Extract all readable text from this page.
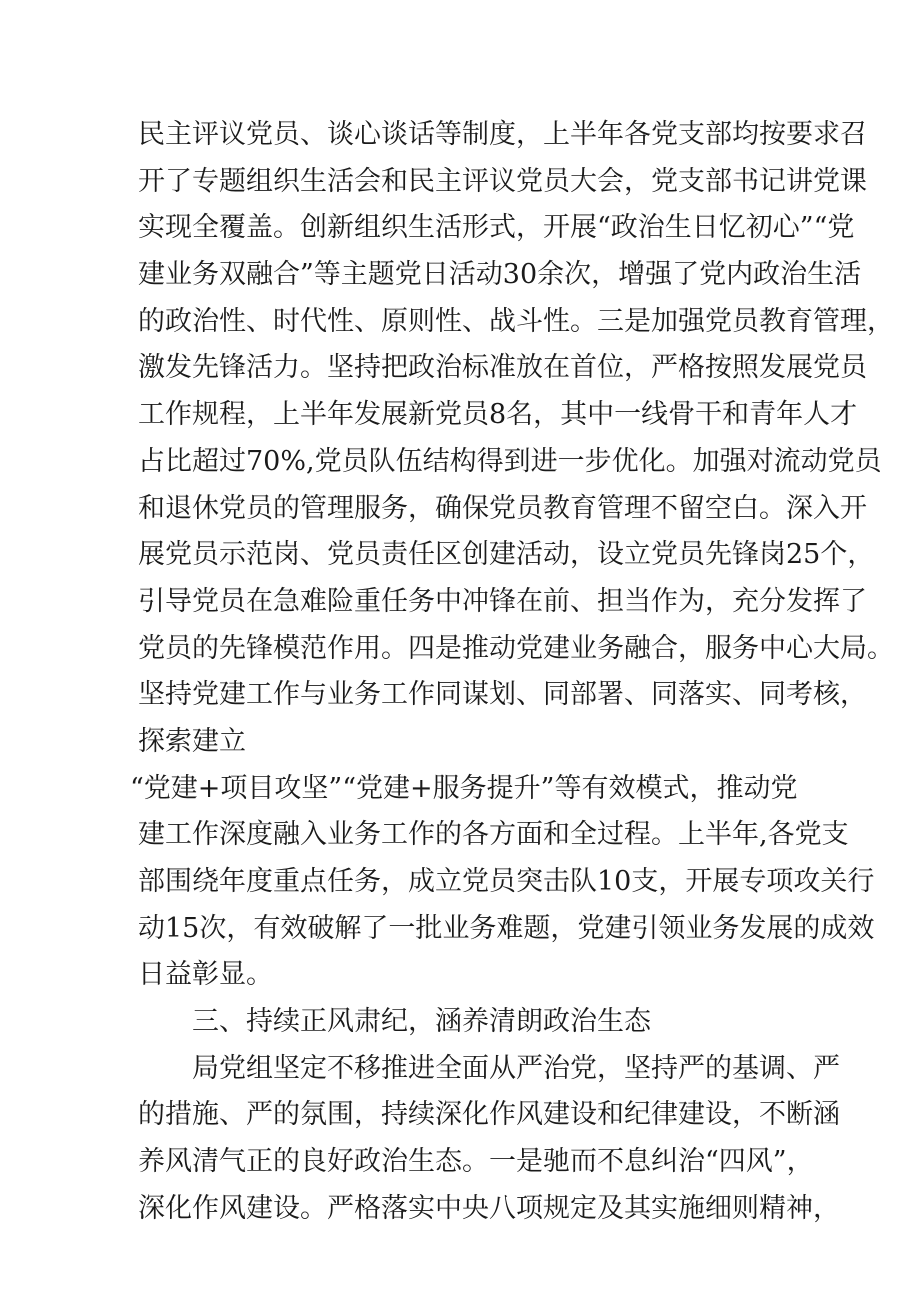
民主评议党员、谈心谈话等制度，上半年各党支部均按要求召
开了专题组织生活会和民主评议党员大会，党支部书记讲党课
实现全覆盖。创新组织生活形式，开展“政治生日忆初心”“党
建业务双融合”等主题党日活动30余次，增强了党内政治生活
的政治性、时代性、原则性、战斗性。三是加强党员教育管理，
激发先锋活力。坚持把政治标准放在首位，严格按照发展党员
工作规程，上半年发展新党员8名，其中一线骨干和青年人才
占比超过70%,党员队伍结构得到进一步优化。加强对流动党员
和退休党员的管理服务，确保党员教育管理不留空白。深入开
展党员示范岗、党员责任区创建活动，设立党员先锋岗25个，
引导党员在急难险重任务中冲锋在前、担当作为，充分发挥了
党员的先锋模范作用。四是推动党建业务融合，服务中心大局。
坚持党建工作与业务工作同谋划、同部署、同落实、同考核，
探索建立
“党建+项目攻坚”“党建+服务提升”等有效模式，推动党
建工作深度融入业务工作的各方面和全过程。上半年,各党支
部围绕年度重点任务，成立党员突击队10支，开展专项攻关行
动15次，有效破解了一批业务难题，党建引领业务发展的成效
日益彰显。
三、持续正风肃纪，涵养清朗政治生态
局党组坚定不移推进全面从严治党，坚持严的基调、严
的措施、严的氛围，持续深化作风建设和纪律建设，不断涵
养风清气正的良好政治生态。一是驰而不息纠治“四风”，
深化作风建设。严格落实中央八项规定及其实施细则精神，
